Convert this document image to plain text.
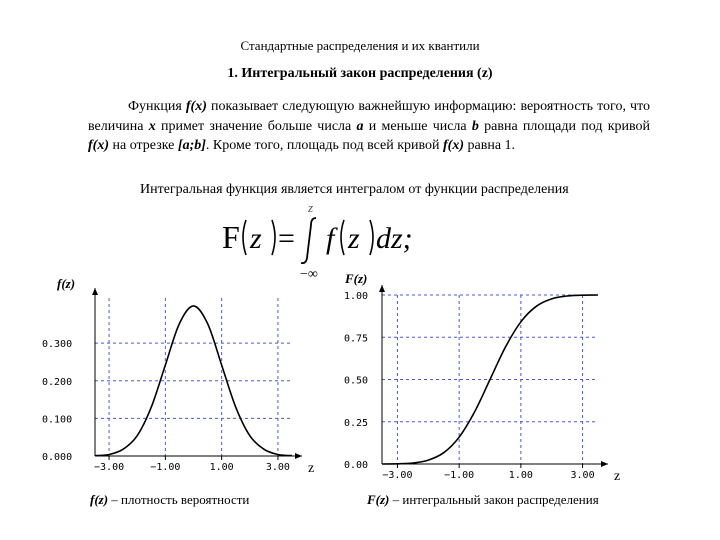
Стандартные распределения и их квантили
1. Интегральный закон распределения (z)
Функция f(x) показывает следующую важнейшую информацию: вероятность того, что величина x примет значение больше числа a и меньше числа b равна площади под кривой f(x) на отрезке [a;b]. Кроме того, площадь под всей кривой f(x) равна 1.
Интегральная функция является интегралом от функции распределения
F z =
z
−∞
f z dz;
f(z)
−3.00	−1.00	1.00	3.00
0.000
0.100
0.200
0.300
z
f(z) – плотность вероятности
F(z)
−3.00	−1.00	1.00	3.00
0.00
0.25
0.50
0.75
1.00
z
F(z) – интегральный закон распределения
